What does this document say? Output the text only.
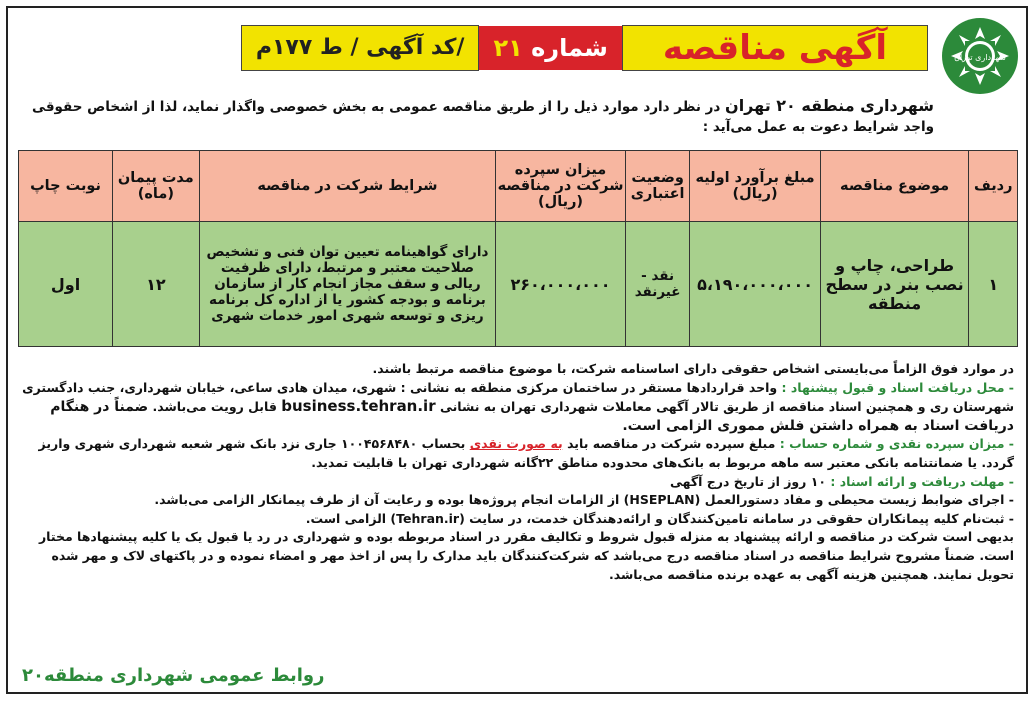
شهرداری تهران
آگهی مناقصه
شماره ۲۱
کد آگهی / ط ۱۷۷م/
شهرداری منطقه ۲۰ تهران در نظر دارد موارد ذیل را از طریق مناقصه عمومی به بخش خصوصی واگذار نماید، لذا از اشخاص حقوقی واجد شرایط دعوت به عمل می‌آید :
ردیف	موضوع مناقصه	مبلغ برآورد اولیه (ریال)	وضعیت اعتباری	میزان سپرده شرکت در مناقصه (ریال)	شرایط شرکت در مناقصه	مدت پیمان (ماه)	نوبت چاپ
۱	طراحی، چاپ و نصب بنر در سطح منطقه	۵،۱۹۰،۰۰۰،۰۰۰	نقد - غیرنقد	۲۶۰،۰۰۰،۰۰۰	دارای گواهینامه تعیین توان فنی و تشخیص صلاحیت معتبر و مرتبط، دارای ظرفیت ریالی و سقف مجاز انجام کار از سازمان برنامه و بودجه کشور یا از اداره کل برنامه ریزی و توسعه شهری امور خدمات شهری	۱۲	اول

در موارد فوق الزاماً می‌بایستی اشخاص حقوقی دارای اساسنامه شرکت، با موضوع مناقصه مرتبط باشند.

- محل دریافت اسناد و قبول پیشنهاد : واحد قراردادها مستقر در ساختمان مرکزی منطقه به نشانی : شهری، میدان هادی ساعی، خیابان شهرداری، جنب دادگستری شهرستان ری و همچنین اسناد مناقصه از طریق تالار آگهی معاملات شهرداری تهران به نشانی business.tehran.ir قابل رویت می‌باشد. ضمناً در هنگام دریافت اسناد به همراه داشتن فلش مموری الزامی است.

- میزان سپرده نقدی و شماره حساب : مبلغ سپرده شرکت در مناقصه باید به صورت نقدی بحساب ۱۰۰۴۵۶۸۴۸۰ جاری نزد بانک شهر شعبه شهرداری شهری واریز گردد. یا ضمانتنامه بانکی معتبر سه ماهه مربوط به بانک‌های محدوده مناطق ۲۲گانه شهرداری تهران با قابلیت تمدید.

- مهلت دریافت و ارائه اسناد : ۱۰ روز از تاریخ درج آگهی

- اجرای ضوابط زیست محیطی و مفاد دستورالعمل (HSEPLAN) از الزامات انجام پروژه‌ها بوده و رعایت آن از طرف پیمانکار الزامی می‌باشد.

- ثبت‌نام کلیه پیمانکاران حقوقی در سامانه تامین‌کنندگان و ارائه‌دهندگان خدمت، در سایت (Tehran.ir) الزامی است.

بدیهی است شرکت در مناقصه و ارائه پیشنهاد به منزله قبول شروط و تکالیف مقرر در اسناد مربوطه بوده و شهرداری در رد یا قبول یک یا کلیه پیشنهادها مختار است. ضمناً مشروح شرایط مناقصه در اسناد مناقصه درج می‌باشد که شرکت‌کنندگان باید مدارک را پس از اخذ مهر و امضاء نموده و در پاکتهای لاک و مهر شده تحویل نمایند. همچنین هزینه آگهی به عهده برنده مناقصه می‌باشد.

روابط عمومی شهرداری منطقه۲۰
